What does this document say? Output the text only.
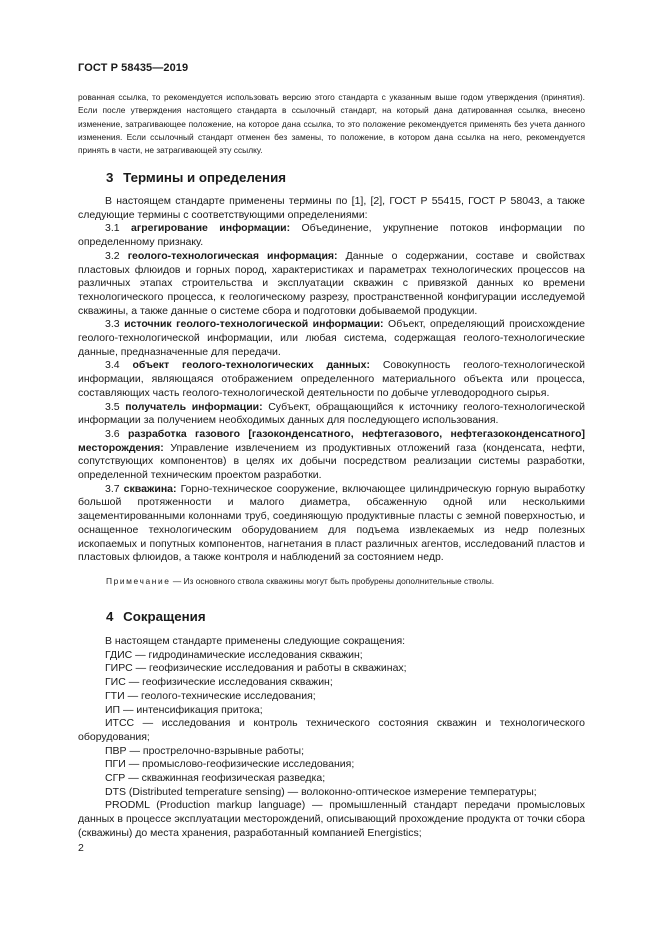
ГОСТ Р 58435—2019
рованная ссылка, то рекомендуется использовать версию этого стандарта с указанным выше годом утверждения (принятия). Если после утверждения настоящего стандарта в ссылочный стандарт, на который дана датированная ссылка, внесено изменение, затрагивающее положение, на которое дана ссылка, то это положение рекомендуется применять без учета данного изменения. Если ссылочный стандарт отменен без замены, то положение, в котором дана ссылка на него, рекомендуется принять в части, не затрагивающей эту ссылку.
3 Термины и определения

В настоящем стандарте применены термины по [1], [2], ГОСТ Р 55415, ГОСТ Р 58043, а также следующие термины с соответствующими определениями:

3.1 агрегирование информации: Объединение, укрупнение потоков информации по определенному признаку.

3.2 геолого-технологическая информация: Данные о содержании, составе и свойствах пластовых флюидов и горных пород, характеристиках и параметрах технологических процессов на различных этапах строительства и эксплуатации скважин с привязкой данных ко времени технологического процесса, к геологическому разрезу, пространственной конфигурации исследуемой скважины, а также данные о системе сбора и подготовки добываемой продукции.

3.3 источник геолого-технологической информации: Объект, определяющий происхождение геолого-технологической информации, или любая система, содержащая геолого-технологические данные, предназначенные для передачи.

3.4 объект геолого-технологических данных: Совокупность геолого-технологической информации, являющаяся отображением определенного материального объекта или процесса, составляющих часть геолого-технологической деятельности по добыче углеводородного сырья.

3.5 получатель информации: Субъект, обращающийся к источнику геолого-технологической информации за получением необходимых данных для последующего использования.

3.6 разработка газового [газоконденсатного, нефтегазового, нефтегазоконденсатного] месторождения: Управление извлечением из продуктивных отложений газа (конденсата, нефти, сопутствующих компонентов) в целях их добычи посредством реализации системы разработки, определенной техническим проектом разработки.

3.7 скважина: Горно-техническое сооружение, включающее цилиндрическую горную выработку большой протяженности и малого диаметра, обсаженную одной или несколькими зацементированными колоннами труб, соединяющую продуктивные пласты с земной поверхностью, и оснащенное технологическим оборудованием для подъема извлекаемых из недр полезных ископаемых и попутных компонентов, нагнетания в пласт различных агентов, исследований пластов и пластовых флюидов, а также контроля и наблюдений за состоянием недр.

Примечание — Из основного ствола скважины могут быть пробурены дополнительные стволы.
4 Сокращения

В настоящем стандарте применены следующие сокращения:

ГДИС — гидродинамические исследования скважин;

ГИРС — геофизические исследования и работы в скважинах;

ГИС — геофизические исследования скважин;

ГТИ — геолого-технические исследования;

ИП — интенсификация притока;

ИТСС — исследования и контроль технического состояния скважин и технологического оборудования;

ПВР — прострелочно-взрывные работы;

ПГИ — промыслово-геофизические исследования;

СГР — скважинная геофизическая разведка;

DTS (Distributed temperature sensing) — волоконно-оптическое измерение температуры;

PRODML (Production markup language) — промышленный стандарт передачи промысловых данных в процессе эксплуатации месторождений, описывающий прохождение продукта от точки сбора (скважины) до места хранения, разработанный компанией Energistics;

2
